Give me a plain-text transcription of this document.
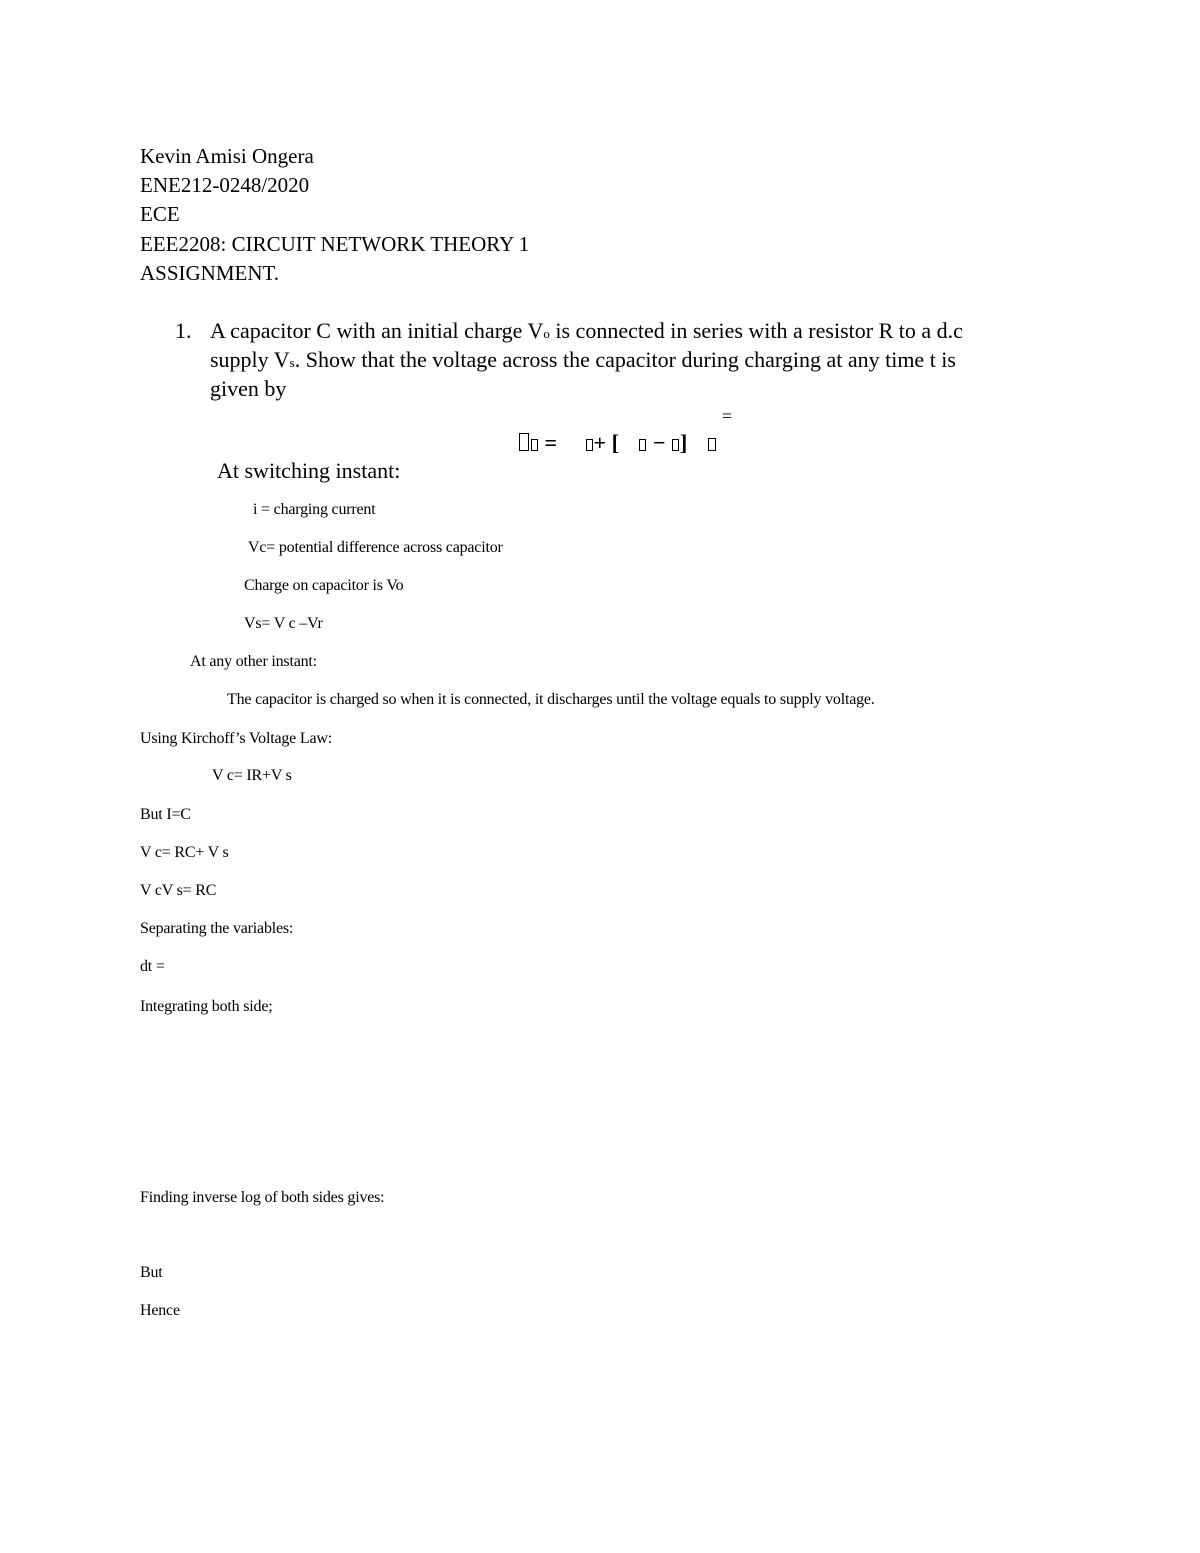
Kevin Amisi Ongera
ENE212-0248/2020
ECE
EEE2208: CIRCUIT NETWORK THEORY 1
ASSIGNMENT.
1. A capacitor C with an initial charge Vo is connected in series with a resistor R to a d.c
supply Vs. Show that the voltage across the capacitor during charging at any time t is
given by
=
= + [ − ]
At switching instant:
i = charging current
Vc= potential difference across capacitor
Charge on capacitor is Vo
Vs= V c –Vr
At any other instant:
The capacitor is charged so when it is connected, it discharges until the voltage equals to supply voltage.
Using Kirchoff’s Voltage Law:
V c= IR+V s
But I=C
V c= RC+ V s
V cV s= RC
Separating the variables:
dt =
Integrating both side;
Finding inverse log of both sides gives:
But
Hence
